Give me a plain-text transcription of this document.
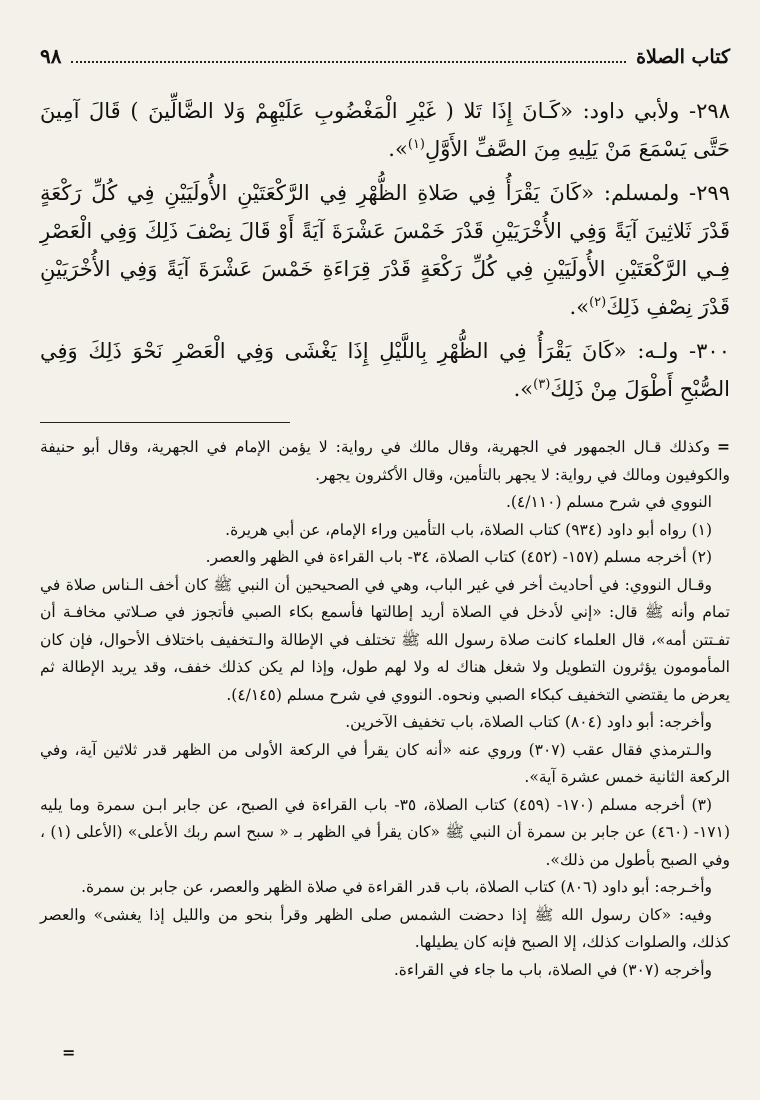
كتاب الصلاة
٩٨

٢٩٨- ولأبي داود: «كَـانَ إِذَا تَلا ( غَيْرِ الْمَغْضُوبِ عَلَيْهِمْ وَلا الضَّالِّينَ ) قَالَ آمِينَ حَتَّى يَسْمَعَ مَنْ يَلِيهِ مِنَ الصَّفِّ الأَوَّلِ$^{(١)}$».

٢٩٩- ولمسلم: «كَانَ يَقْرَأُ فِي صَلاةِ الظُّهْرِ فِي الرَّكْعَتَيْنِ الأُولَيَيْنِ فِي كُلِّ رَكْعَةٍ قَدْرَ ثَلاثِينَ آيَةً وَفِي الأُخْرَيَيْنِ قَدْرَ خَمْسَ عَشْرَةَ آيَةً أَوْ قَالَ نِصْفَ ذَلِكَ وَفِي الْعَصْرِ فِـي الرَّكْعَتَيْنِ الأُولَيَيْنِ فِي كُلِّ رَكْعَةٍ قَدْرَ قِرَاءَةِ خَمْسَ عَشْرَةَ آيَةً وَفِي الأُخْرَيَيْنِ قَدْرَ نِصْفِ ذَلِكَ$^{(٢)}$».

٣٠٠- ولـه: «كَانَ يَقْرَأُ فِي الظُّهْرِ بِاللَّيْلِ إِذَا يَغْشَى وَفِي الْعَصْرِ نَحْوَ ذَلِكَ وَفِي الصُّبْحِ أَطْوَلَ مِنْ ذَلِكَ$^{(٣)}$».

= وكذلك قـال الجمهور في الجهرية، وقال مالك في رواية: لا يؤمن الإمام في الجهرية، وقال أبو حنيفة والكوفيون ومالك في رواية: لا يجهر بالتأمين، وقال الأكثرون يجهر.

النووي في شرح مسلم (٤/١١٠).

(١) رواه أبو داود (٩٣٤) كتاب الصلاة، باب التأمين وراء الإمام، عن أبي هريرة.

(٢) أخرجه مسلم (١٥٧- (٤٥٢) كتاب الصلاة، ٣٤- باب القراءة في الظهر والعصر.

وقـال النووي: في أحاديث أخر في غير الباب، وهي في الصحيحين أن النبي ﷺ كان أخف الـناس صلاة في تمام وأنه ﷺ قال: «إني لأدخل في الصلاة أريد إطالتها فأسمع بكاء الصبي فأتجوز في صـلاتي مخافـة أن تفـتتن أمه»، قال العلماء كانت صلاة رسول الله ﷺ تختلف في الإطالة والـتخفيف باختلاف الأحوال، فإن كان المأمومون يؤثرون التطويل ولا شغل هناك له ولا لهم طول، وإذا لم يكن كذلك خفف، وقد يريد الإطالة ثم يعرض ما يقتضي التخفيف كبكاء الصبي ونحوه. النووي في شرح مسلم (٤/١٤٥).

وأخرجه: أبو داود (٨٠٤) كتاب الصلاة، باب تخفيف الآخرين.

والـترمذي فقال عقب (٣٠٧) وروي عنه «أنه كان يقرأ في الركعة الأولى من الظهر قدر ثلاثين آية، وفي الركعة الثانية خمس عشرة آية».

(٣) أخرجه مسلم (١٧٠- (٤٥٩) كتاب الصلاة، ٣٥- باب القراءة في الصبح، عن جابر ابـن سمرة وما يليه (١٧١- (٤٦٠) عن جابر بن سمرة أن النبي ﷺ «كان يقرأ في الظهر بـ « سبح اسم ربك الأعلى» (الأعلى (١) ، وفي الصبح بأطول من ذلك».

وأخـرجه: أبو داود (٨٠٦) كتاب الصلاة، باب قدر القراءة في صلاة الظهر والعصر، عن جابر بن سمرة.

وفيه: «كان رسول الله ﷺ إذا دحضت الشمس صلى الظهر وقرأ بنحو من والليل إذا يغشى» والعصر كذلك، والصلوات كذلك، إلا الصبح فإنه كان يطيلها.

وأخرجه (٣٠٧) في الصلاة، باب ما جاء في القراءة.

=
